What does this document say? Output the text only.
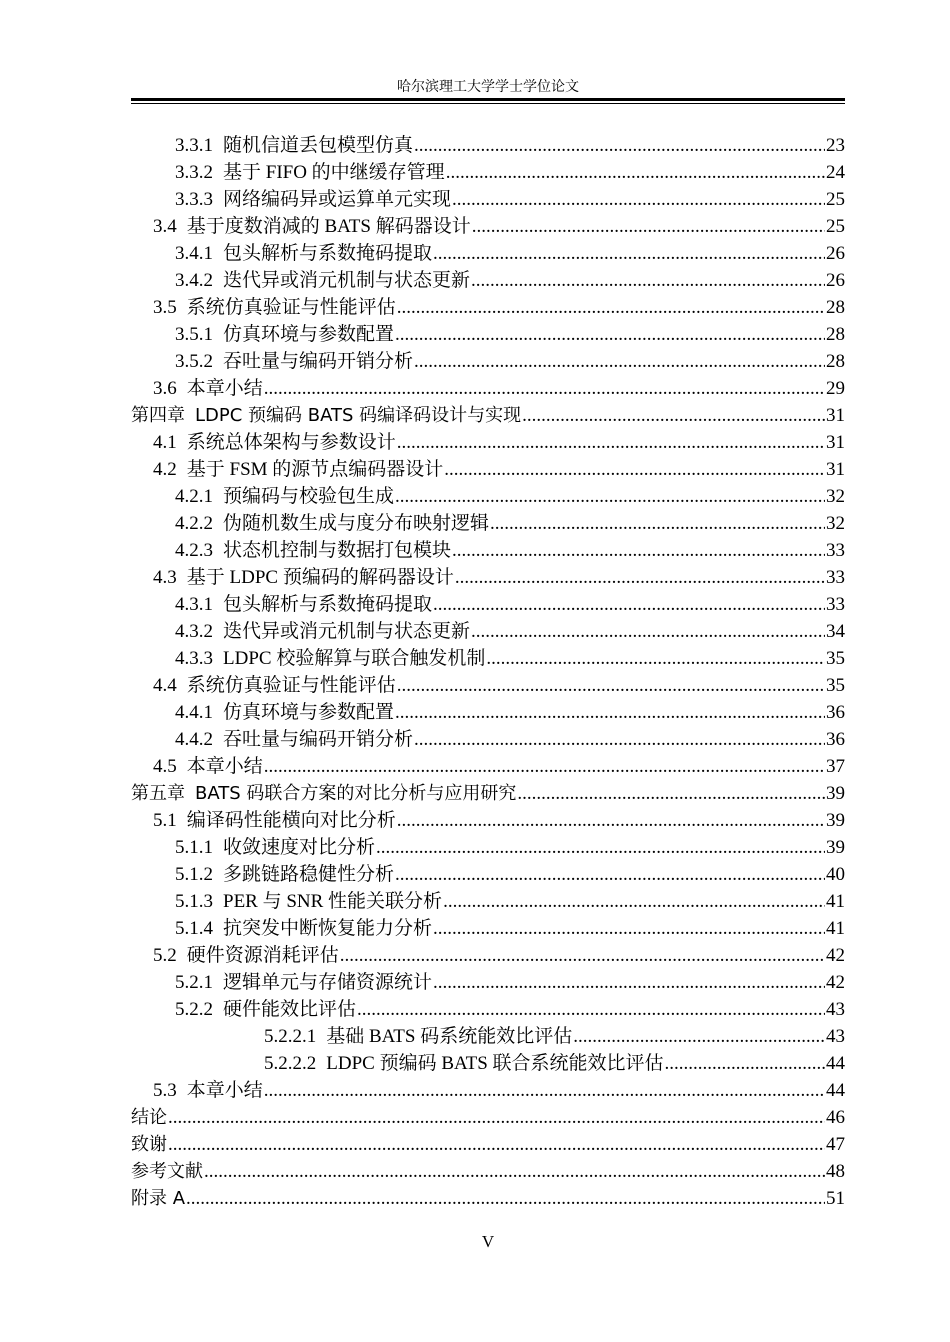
哈尔滨理工大学学士学位论文
3.3.1 随机信道丢包模型仿真 .....	23
3.3.2 基于 FIFO 的中继缓存管理 .....	24
3.3.3 网络编码异或运算单元实现 .....	25
3.4 基于度数消减的 BATS 解码器设计 .....	25
3.4.1 包头解析与系数掩码提取 .....	26
3.4.2 迭代异或消元机制与状态更新 .....	26
3.5 系统仿真验证与性能评估 .....	28
3.5.1 仿真环境与参数配置 .....	28
3.5.2 吞吐量与编码开销分析 .....	28
3.6 本章小结 .....	29
第四章 LDPC 预编码 BATS 码编译码设计与实现 .....	31
4.1 系统总体架构与参数设计 .....	31
4.2 基于 FSM 的源节点编码器设计 .....	31
4.2.1 预编码与校验包生成 .....	32
4.2.2 伪随机数生成与度分布映射逻辑 .....	32
4.2.3 状态机控制与数据打包模块 .....	33
4.3 基于 LDPC 预编码的解码器设计 .....	33
4.3.1 包头解析与系数掩码提取 .....	33
4.3.2 迭代异或消元机制与状态更新 .....	34
4.3.3 LDPC 校验解算与联合触发机制 .....	35
4.4 系统仿真验证与性能评估 .....	35
4.4.1 仿真环境与参数配置 .....	36
4.4.2 吞吐量与编码开销分析 .....	36
4.5 本章小结 .....	37
第五章 BATS 码联合方案的对比分析与应用研究 .....	39
5.1 编译码性能横向对比分析 .....	39
5.1.1 收敛速度对比分析 .....	39
5.1.2 多跳链路稳健性分析 .....	40
5.1.3 PER 与 SNR 性能关联分析 .....	41
5.1.4 抗突发中断恢复能力分析 .....	41
5.2 硬件资源消耗评估 .....	42
5.2.1 逻辑单元与存储资源统计 .....	42
5.2.2 硬件能效比评估 .....	43
5.2.2.1 基础 BATS 码系统能效比评估 .....	43
5.2.2.2 LDPC 预编码 BATS 联合系统能效比评估 .....	44
5.3 本章小结 .....	44
结论 .....	46
致谢 .....	47
参考文献 .....	48
附录 A .....	51
V
